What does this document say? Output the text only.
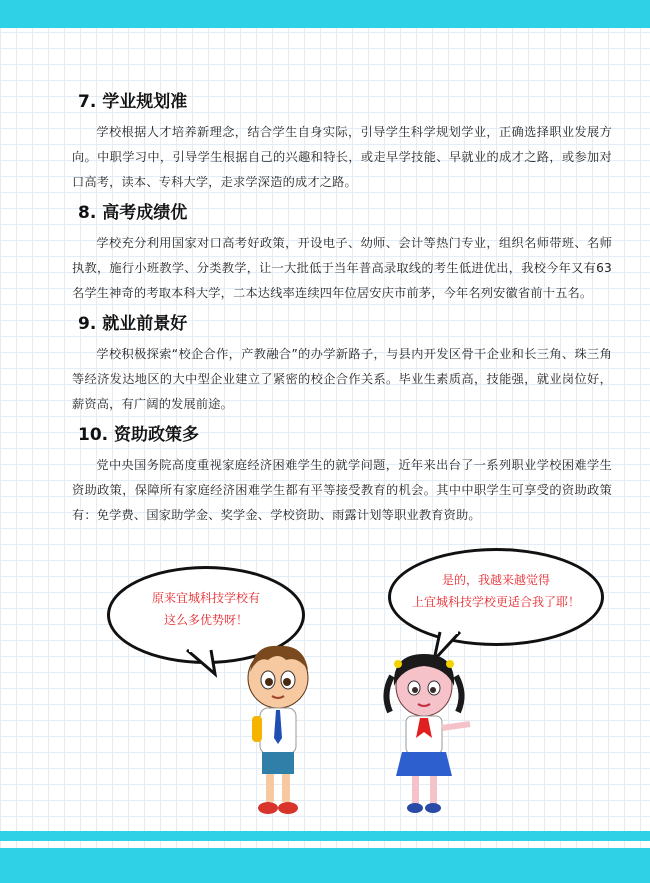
7. 学业规划准

学校根据人才培养新理念，结合学生自身实际，引导学生科学规划学业，正确选择职业发展方向。中职学习中，引导学生根据自己的兴趣和特长，或走早学技能、早就业的成才之路，或参加对口高考，读本、专科大学，走求学深造的成才之路。

8. 高考成绩优

学校充分利用国家对口高考好政策，开设电子、幼师、会计等热门专业，组织名师带班、名师执教，施行小班教学、分类教学，让一大批低于当年普高录取线的考生低进优出，我校今年又有63名学生神奇的考取本科大学，二本达线率连续四年位居安庆市前茅，今年名列安徽省前十五名。

9. 就业前景好

学校积极探索“校企合作，产教融合”的办学新路子，与县内开发区骨干企业和长三角、珠三角等经济发达地区的大中型企业建立了紧密的校企合作关系。毕业生素质高，技能强，就业岗位好，薪资高，有广阔的发展前途。

10. 资助政策多

党中央国务院高度重视家庭经济困难学生的就学问题，近年来出台了一系列职业学校困难学生资助政策，保障所有家庭经济困难学生都有平等接受教育的机会。其中中职学生可享受的资助政策有：免学费、国家助学金、奖学金、学校资助、雨露计划等职业教育资助。

原来宜城科技学校有
这么多优势呀！
是的，我越来越觉得
上宜城科技学校更适合我了耶！
